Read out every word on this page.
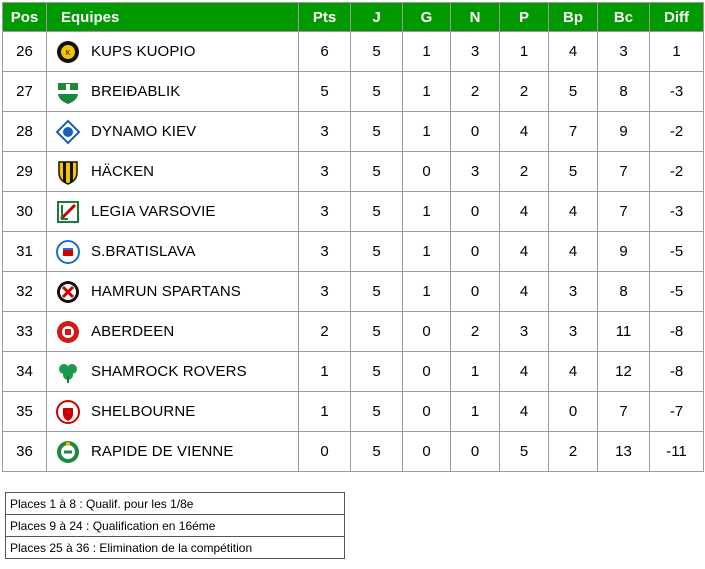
Pos	Equipes	Pts	J	G	N	P	Bp	Bc	Diff
26	K KUPS KUOPIO	6	5	1	3	1	4	3	1
27	BREIÐABLIK	5	5	1	2	2	5	8	-3
28	DYNAMO KIEV	3	5	1	0	4	7	9	-2
29	HÄCKEN	3	5	0	3	2	5	7	-2
30	LEGIA VARSOVIE	3	5	1	0	4	4	7	-3
31	S.BRATISLAVA	3	5	1	0	4	4	9	-5
32	HAMRUN SPARTANS	3	5	1	0	4	3	8	-5
33	ABERDEEN	2	5	0	2	3	3	11	-8
34	SHAMROCK ROVERS	1	5	0	1	4	4	12	-8
35	SHELBOURNE	1	5	0	1	4	0	7	-7
36	RAPIDE DE VIENNE	0	5	0	0	5	2	13	-11
Places 1 à 8 : Qualif. pour les 1/8e
Places 9 à 24 : Qualification en 16éme
Places 25 à 36 : Elimination de la compétition
